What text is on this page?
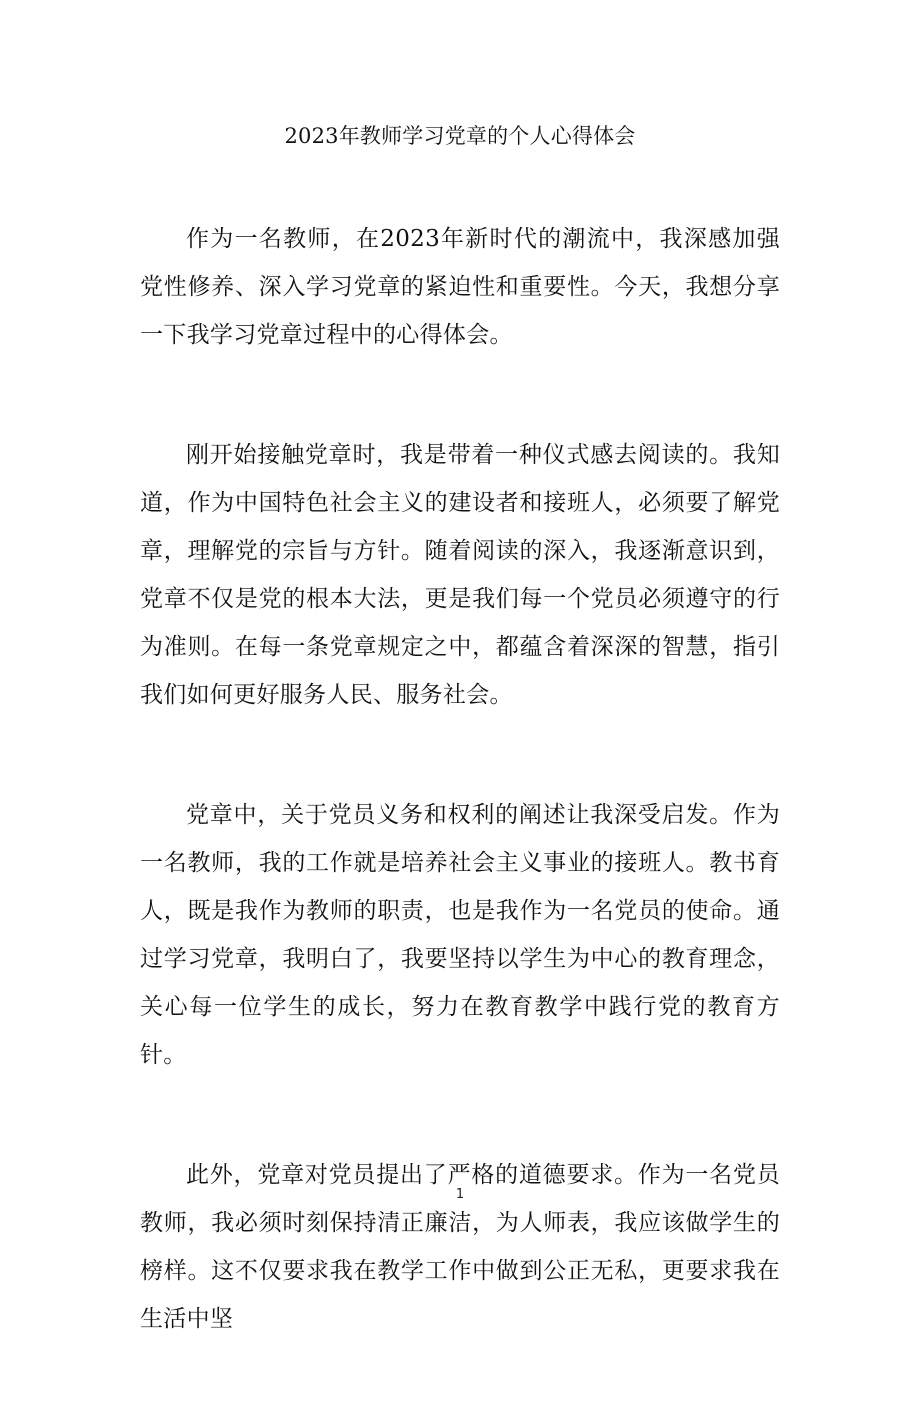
2023年教师学习党章的个人心得体会

作为一名教师，在2023年新时代的潮流中，我深感加强党性修养、深入学习党章的紧迫性和重要性。今天，我想分享一下我学习党章过程中的心得体会。

刚开始接触党章时，我是带着一种仪式感去阅读的。我知道，作为中国特色社会主义的建设者和接班人，必须要了解党章，理解党的宗旨与方针。随着阅读的深入，我逐渐意识到，党章不仅是党的根本大法，更是我们每一个党员必须遵守的行为准则。在每一条党章规定之中，都蕴含着深深的智慧，指引我们如何更好服务人民、服务社会。

党章中，关于党员义务和权利的阐述让我深受启发。作为一名教师，我的工作就是培养社会主义事业的接班人。教书育人，既是我作为教师的职责，也是我作为一名党员的使命。通过学习党章，我明白了，我要坚持以学生为中心的教育理念，关心每一位学生的成长，努力在教育教学中践行党的教育方针。

此外，党章对党员提出了严格的道德要求。作为一名党员教师，我必须时刻保持清正廉洁，为人师表，我应该做学生的榜样。这不仅要求我在教学工作中做到公正无私，更要求我在生活中坚

1
